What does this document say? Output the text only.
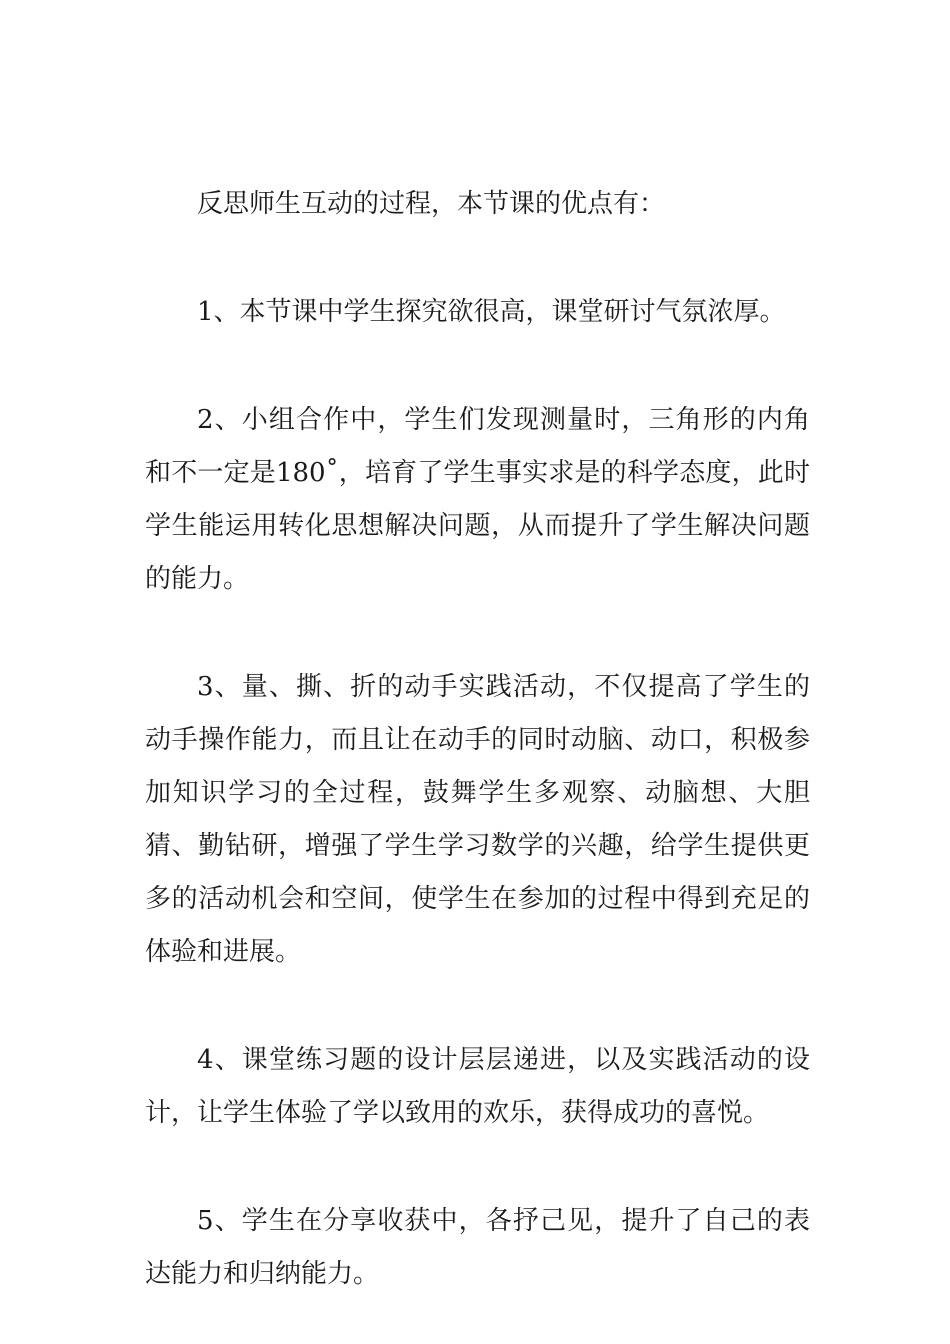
反思师生互动的过程，本节课的优点有：

1、本节课中学生探究欲很高，课堂研讨气氛浓厚。

2、小组合作中，学生们发现测量时，三角形的内角和不一定是180˚，培育了学生事实求是的科学态度，此时学生能运用转化思想解决问题，从而提升了学生解决问题的能力。

3、量、撕、折的动手实践活动，不仅提高了学生的动手操作能力，而且让在动手的同时动脑、动口，积极参加知识学习的全过程，鼓舞学生多观察、动脑想、大胆猜、勤钻研，增强了学生学习数学的兴趣，给学生提供更多的活动机会和空间，使学生在参加的过程中得到充足的体验和进展。

4、课堂练习题的设计层层递进，以及实践活动的设计，让学生体验了学以致用的欢乐，获得成功的喜悦。

5、学生在分享收获中，各抒己见，提升了自己的表达能力和归纳能力。
